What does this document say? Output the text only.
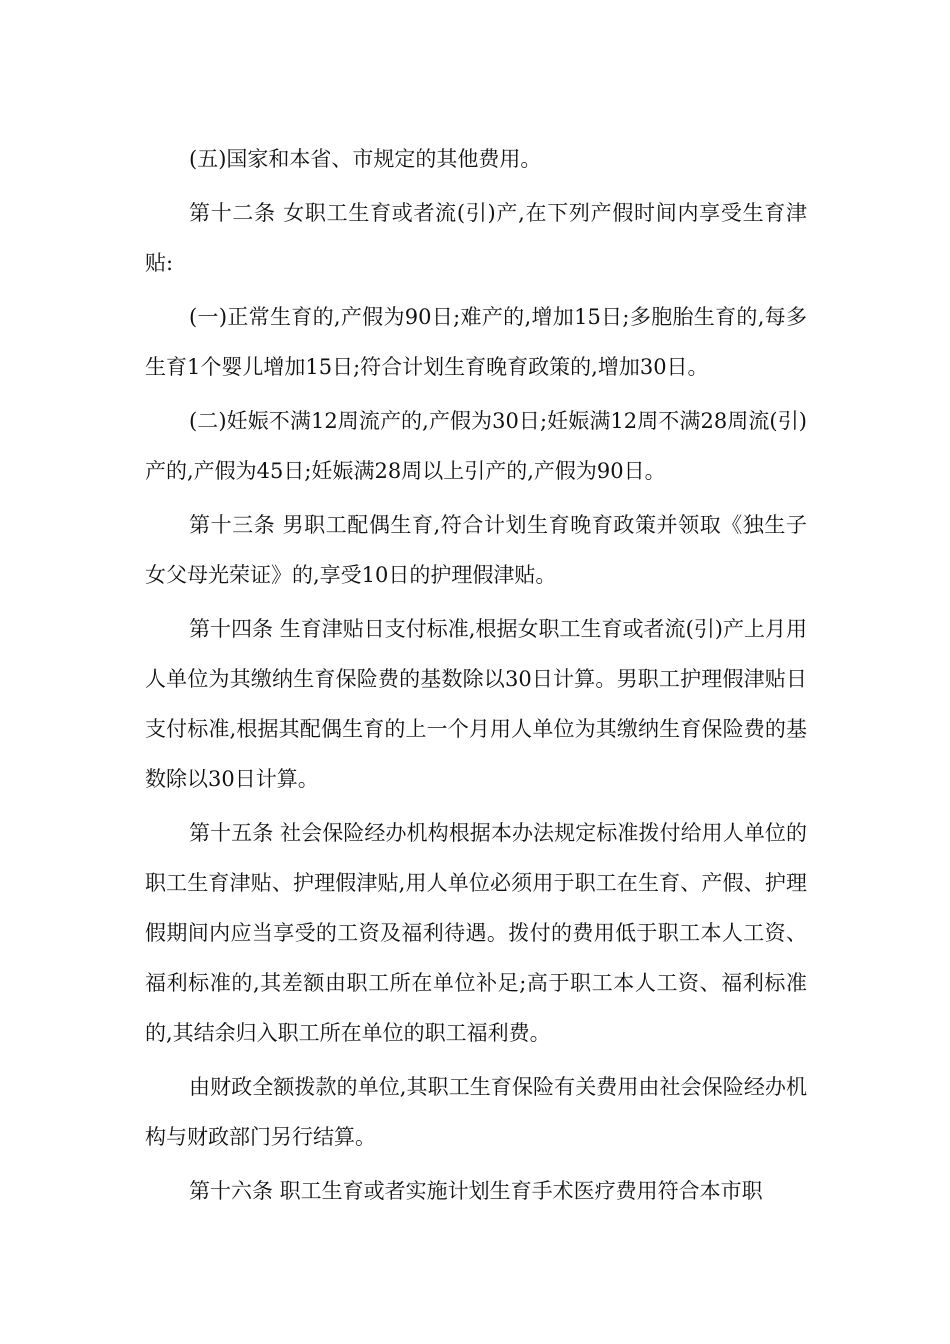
(五)国家和本省、市规定的其他费用。

第十二条 女职工生育或者流(引)产,在下列产假时间内享受生育津贴:

(一)正常生育的,产假为90日;难产的,增加15日;多胞胎生育的,每多生育1个婴儿增加15日;符合计划生育晚育政策的,增加30日。

(二)妊娠不满12周流产的,产假为30日;妊娠满12周不满28周流(引)产的,产假为45日;妊娠满28周以上引产的,产假为90日。

第十三条 男职工配偶生育,符合计划生育晚育政策并领取《独生子女父母光荣证》的,享受10日的护理假津贴。

第十四条 生育津贴日支付标准,根据女职工生育或者流(引)产上月用人单位为其缴纳生育保险费的基数除以30日计算。男职工护理假津贴日支付标准,根据其配偶生育的上一个月用人单位为其缴纳生育保险费的基数除以30日计算。

第十五条 社会保险经办机构根据本办法规定标准拨付给用人单位的职工生育津贴、护理假津贴,用人单位必须用于职工在生育、产假、护理假期间内应当享受的工资及福利待遇。拨付的费用低于职工本人工资、福利标准的,其差额由职工所在单位补足;高于职工本人工资、福利标准的,其结余归入职工所在单位的职工福利费。

由财政全额拨款的单位,其职工生育保险有关费用由社会保险经办机构与财政部门另行结算。

第十六条 职工生育或者实施计划生育手术医疗费用符合本市职
